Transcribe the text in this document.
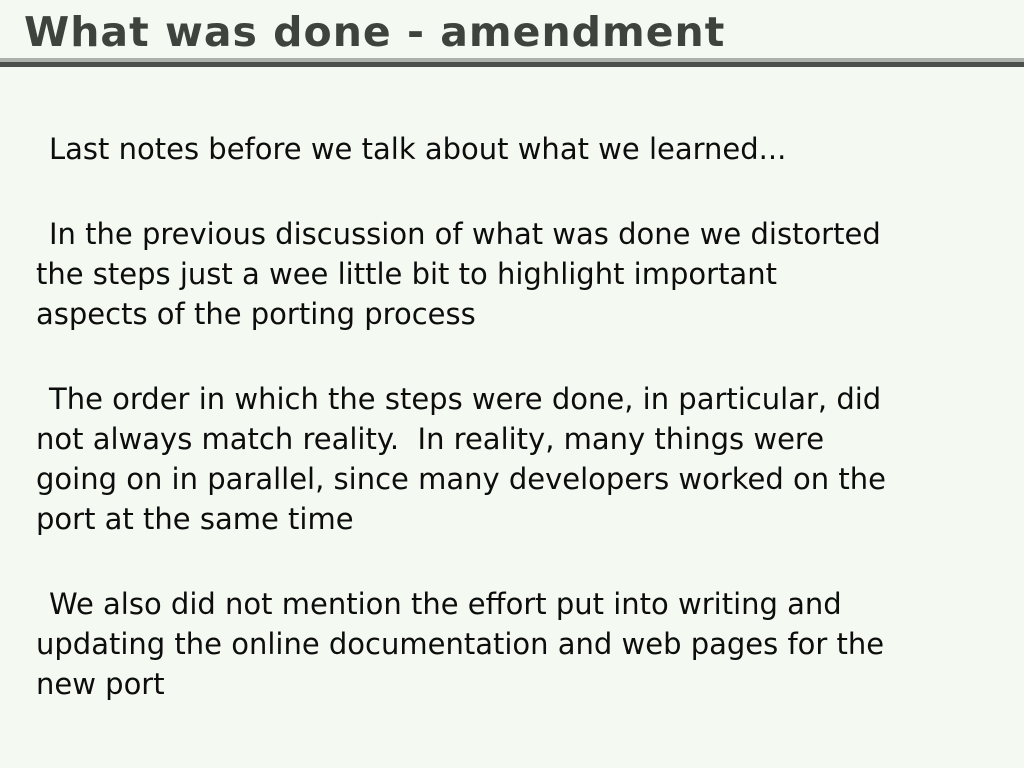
What was done - amendment
Last notes before we talk about what we learned...
In the previous discussion of what was done we distorted
the steps just a wee little bit to highlight important
aspects of the porting process
The order in which the steps were done, in particular, did
not always match reality.  In reality, many things were
going on in parallel, since many developers worked on the
port at the same time
We also did not mention the effort put into writing and
updating the online documentation and web pages for the
new port
